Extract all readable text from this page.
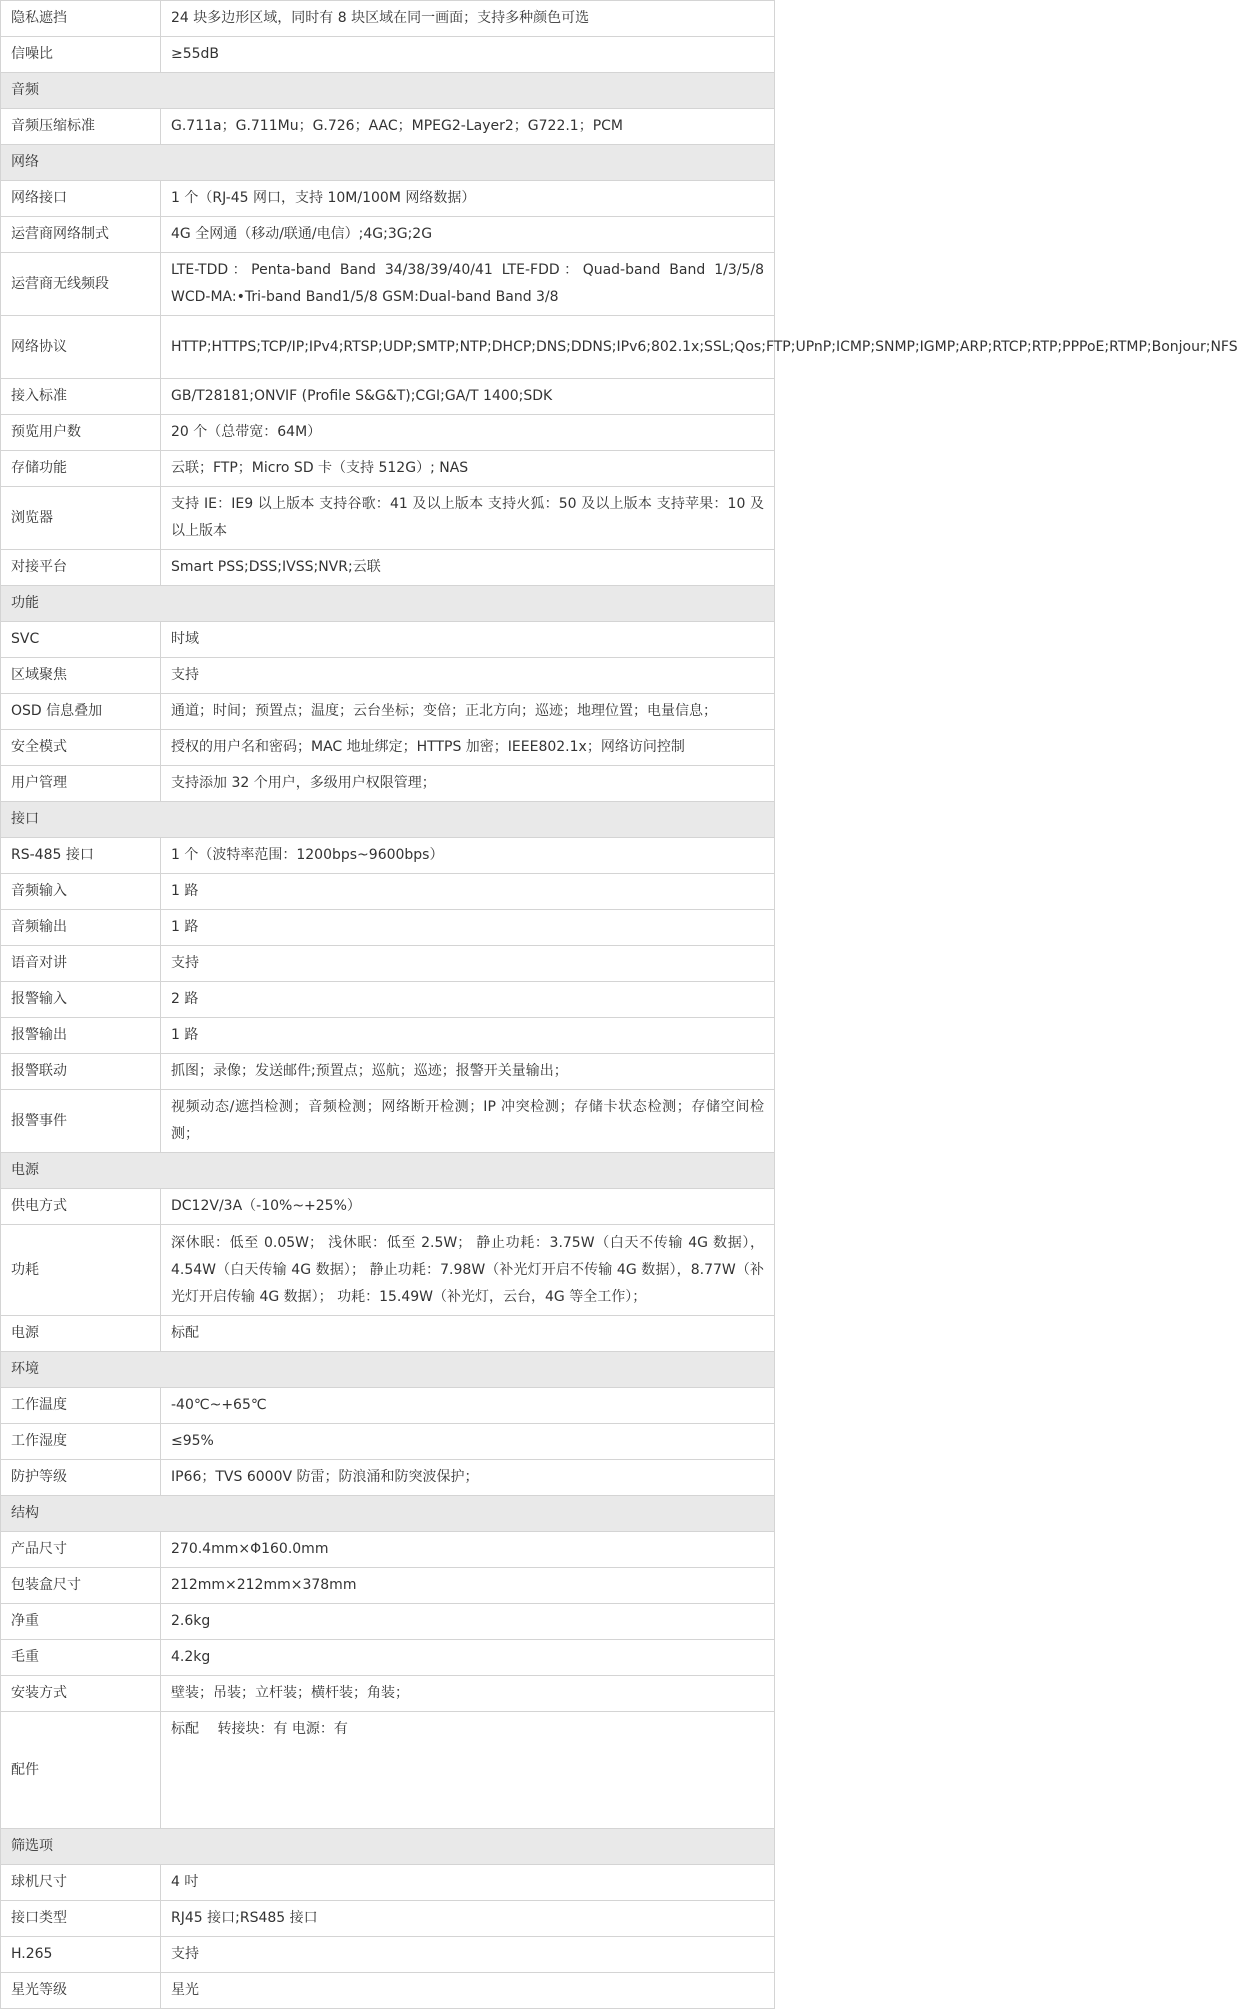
隐私遮挡	24 块多边形区域，同时有 8 块区域在同一画面；支持多种颜色可选
信噪比	≥55dB
音频	
音频压缩标准	G.711a；G.711Mu；G.726；AAC；MPEG2-Layer2；G722.1；PCM
网络	
网络接口	1 个（RJ-45 网口，支持 10M/100M 网络数据）
运营商网络制式	4G 全网通（移动/联通/电信）;4G;3G;2G
运营商无线频段	LTE-TDD：Penta-band Band 34/38/39/40/41 LTE-FDD：Quad-band Band 1/3/5/8 WCD-MA:•Tri-band Band1/5/8 GSM:Dual-band Band 3/8
网络协议	HTTP;HTTPS;TCP/IP;IPv4;RTSP;UDP;SMTP;NTP;DHCP;DNS;DDNS;IPv6;802.1x;SSL;Qos;FTP;UPnP;ICMP;SNMP;IGMP;ARP;RTCP;RTP;PPPoE;RTMP;Bonjour;NFS
接入标准	GB/T28181;ONVIF (Profile S&G&T);CGI;GA/T 1400;SDK
预览用户数	20 个（总带宽：64M）
存储功能	云联；FTP；Micro SD 卡（支持 512G）; NAS
浏览器	支持 IE：IE9 以上版本 支持谷歌：41 及以上版本 支持火狐：50 及以上版本 支持苹果：10 及以上版本
对接平台	Smart PSS;DSS;IVSS;NVR;云联
功能	
SVC	时域
区域聚焦	支持
OSD 信息叠加	通道；时间；预置点；温度；云台坐标；变倍；正北方向；巡迹；地理位置；电量信息；
安全模式	授权的用户名和密码；MAC 地址绑定；HTTPS 加密；IEEE802.1x；网络访问控制
用户管理	支持添加 32 个用户，多级用户权限管理；
接口	
RS-485 接口	1 个（波特率范围：1200bps~9600bps）
音频输入	1 路
音频输出	1 路
语音对讲	支持
报警输入	2 路
报警输出	1 路
报警联动	抓图；录像；发送邮件;预置点；巡航；巡迹；报警开关量输出；
报警事件	视频动态/遮挡检测；音频检测；网络断开检测；IP 冲突检测；存储卡状态检测；存储空间检测；
电源	
供电方式	DC12V/3A（-10%~+25%）
功耗	深休眠：低至 0.05W； 浅休眠：低至 2.5W； 静止功耗：3.75W（白天不传输 4G 数据），4.54W（白天传输 4G 数据）； 静止功耗：7.98W（补光灯开启不传输 4G 数据），8.77W（补光灯开启传输 4G 数据）； 功耗：15.49W（补光灯，云台，4G 等全工作）；
电源	标配
环境	
工作温度	-40℃~+65℃
工作湿度	≤95%
防护等级	IP66；TVS 6000V 防雷；防浪涌和防突波保护；
结构	
产品尺寸	270.4mm×Φ160.0mm
包装盒尺寸	212mm×212mm×378mm
净重	2.6kg
毛重	4.2kg
安装方式	壁装；吊装；立杆装；横杆装；角装；
配件	标配　 转接块：有 电源：有
筛选项	
球机尺寸	4 吋
接口类型	RJ45 接口;RS485 接口
H.265	支持
星光等级	星光
